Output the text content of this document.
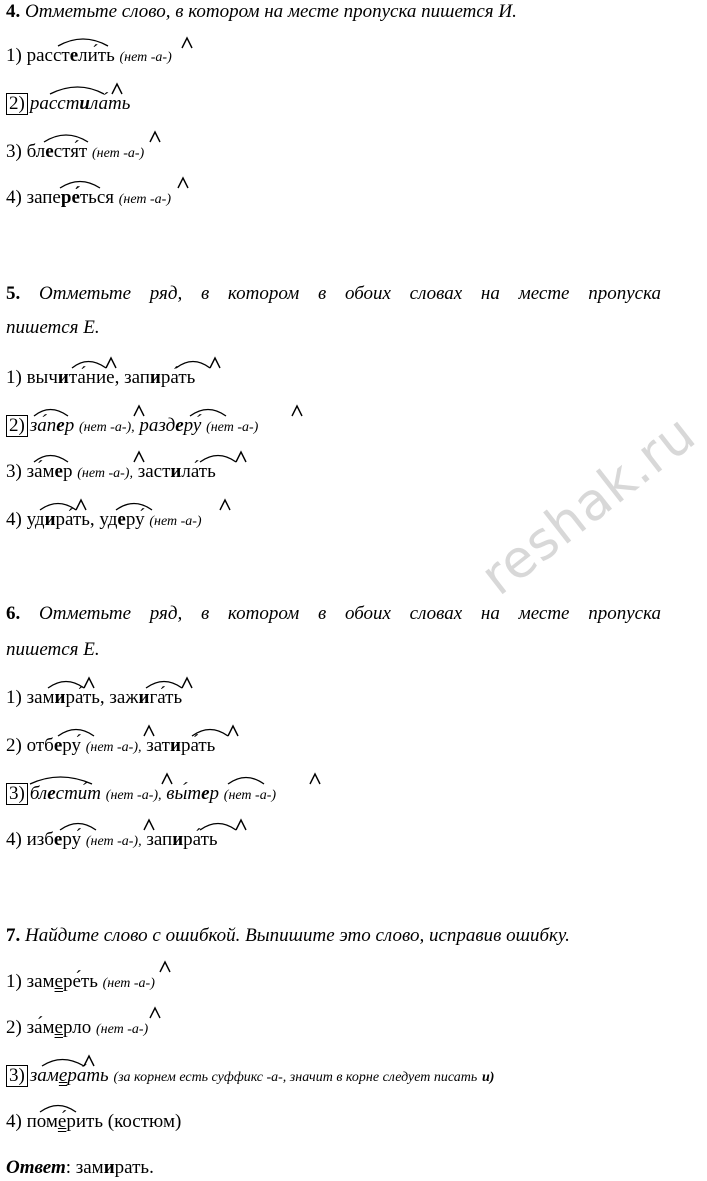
reshak.ru
4. Отметьте слово, в котором на месте пропуска пишется И.
1) расстели́ть (нет -а-)
2) расстила́ть
3) блестя́т (нет -а-)
4) запере́ться (нет -а-)
5. Отметьте ряд, в котором в обоих словах на месте пропуска
пишется Е.
1) вычита́ние, запира́ть
2) за́пер (нет -а-), раздеру́ (нет -а-)
3) за́мер (нет -а-), застила́ть
4) удира́ть, удеру́ (нет -а-)
6. Отметьте ряд, в котором в обоих словах на месте пропуска
пишется Е.
1) замира́ть, зажига́ть
2) отберу́ (нет -а-), затира́ть
3) блести́т (нет -а-), вы́тер (нет -а-)
4) изберу́ (нет -а-), запира́ть
7. Найдите слово с ошибкой. Выпишите это слово, исправив ошибку.
1) замере́ть (нет -а-)
2) за́мерло (нет -а-)
3) замера́ть (за корнем есть суффикс -а-, значит в корне следует писать и)
4) поме́рить (костюм)
Ответ: замирать.
